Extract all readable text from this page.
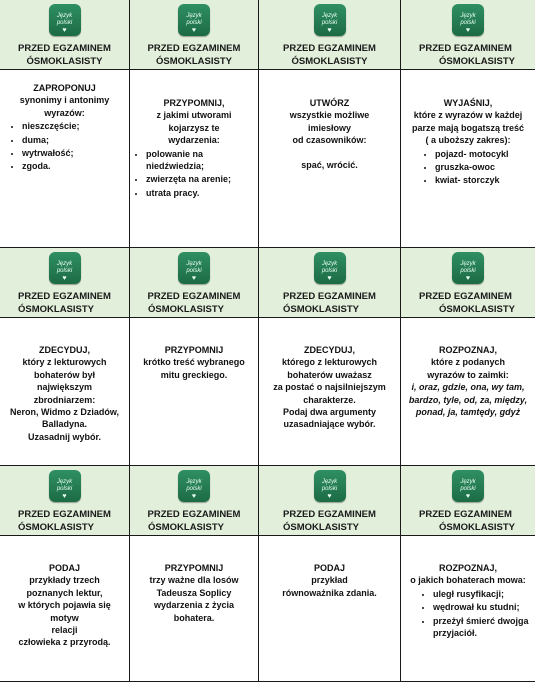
Język
polski
♥
PRZED EGZAMINEM
ÓSMOKLASISTY
Język
polski
♥
PRZED EGZAMINEM
ÓSMOKLASISTY
Język
polski
♥
PRZED EGZAMINEM
ÓSMOKLASISTY
Język
polski
♥
PRZED EGZAMINEM
ÓSMOKLASISTY

ZAPROPONUJ

synonimy i antonimy

wyrazów:

• nieszczęście;
• duma;
• wytrwałość;
• zgoda.

PRZYPOMNIJ,

z jakimi utworami

kojarzysz te

wydarzenia:

• polowanie na niedźwiedzia;
• zwierzęta na arenie;
• utrata pracy.

UTWÓRZ

wszystkie możliwe

imiesłowy

od czasowników:

spać, wrócić.

WYJAŚNIJ,

które z wyrazów w każdej

parze mają bogatszą treść

( a uboższy zakres):

• pojazd- motocykl
• gruszka-owoc
• kwiat- storczyk
Język
polski
♥
PRZED EGZAMINEM
ÓSMOKLASISTY
Język
polski
♥
PRZED EGZAMINEM
ÓSMOKLASISTY
Język
polski
♥
PRZED EGZAMINEM
ÓSMOKLASISTY
Język
polski
♥
PRZED EGZAMINEM
ÓSMOKLASISTY

ZDECYDUJ,

który z lekturowych

bohaterów był

największym

zbrodniarzem:

Neron, Widmo z Dziadów,

Balladyna.

Uzasadnij wybór.

PRZYPOMNIJ

krótko treść wybranego

mitu greckiego.

ZDECYDUJ,

którego z lekturowych

bohaterów uważasz

za postać o najsilniejszym

charakterze.

Podaj dwa argumenty

uzasadniające wybór.

ROZPOZNAJ,

które z podanych

wyrazów to zaimki:

i, oraz, gdzie, ona, wy tam,

bardzo, tyle, od, za, między,

ponad, ja, tamtędy, gdyż

Język
polski
♥
PRZED EGZAMINEM
ÓSMOKLASISTY
Język
polski
♥
PRZED EGZAMINEM
ÓSMOKLASISTY
Język
polski
♥
PRZED EGZAMINEM
ÓSMOKLASISTY
Język
polski
♥
PRZED EGZAMINEM
ÓSMOKLASISTY

PODAJ

przykłady trzech

poznanych lektur,

w których pojawia się

motyw

relacji

człowieka z przyrodą.

PRZYPOMNIJ

trzy ważne dla losów

Tadeusza Soplicy

wydarzenia z życia

bohatera.

PODAJ

przykład

równoważnika zdania.

ROZPOZNAJ,

o jakich bohaterach mowa:

• uległ rusyfikacji;
• wędrował ku studni;
• przeżył śmierć dwojga przyjaciół.
